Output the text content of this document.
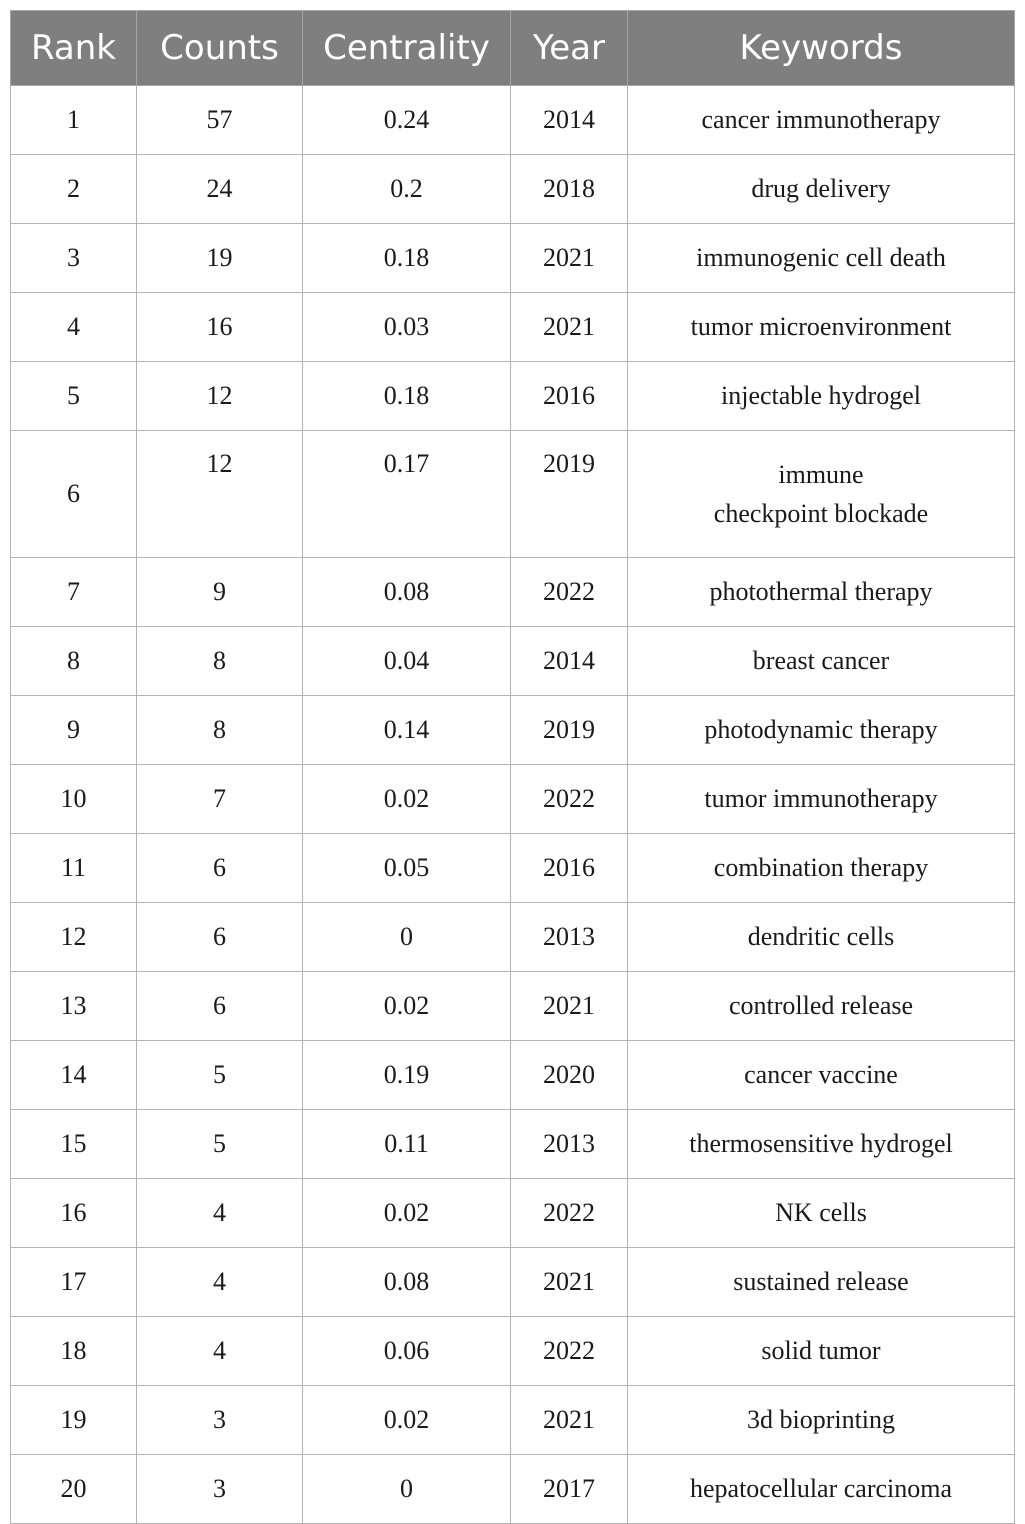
Rank	Counts	Centrality	Year	Keywords
1	57	0.24	2014	cancer immunotherapy
2	24	0.2	2018	drug delivery
3	19	0.18	2021	immunogenic cell death
4	16	0.03	2021	tumor microenvironment
5	12	0.18	2016	injectable hydrogel
6	12	0.17	2019	immune
checkpoint blockade
7	9	0.08	2022	photothermal therapy
8	8	0.04	2014	breast cancer
9	8	0.14	2019	photodynamic therapy
10	7	0.02	2022	tumor immunotherapy
11	6	0.05	2016	combination therapy
12	6	0	2013	dendritic cells
13	6	0.02	2021	controlled release
14	5	0.19	2020	cancer vaccine
15	5	0.11	2013	thermosensitive hydrogel
16	4	0.02	2022	NK cells
17	4	0.08	2021	sustained release
18	4	0.06	2022	solid tumor
19	3	0.02	2021	3d bioprinting
20	3	0	2017	hepatocellular carcinoma
